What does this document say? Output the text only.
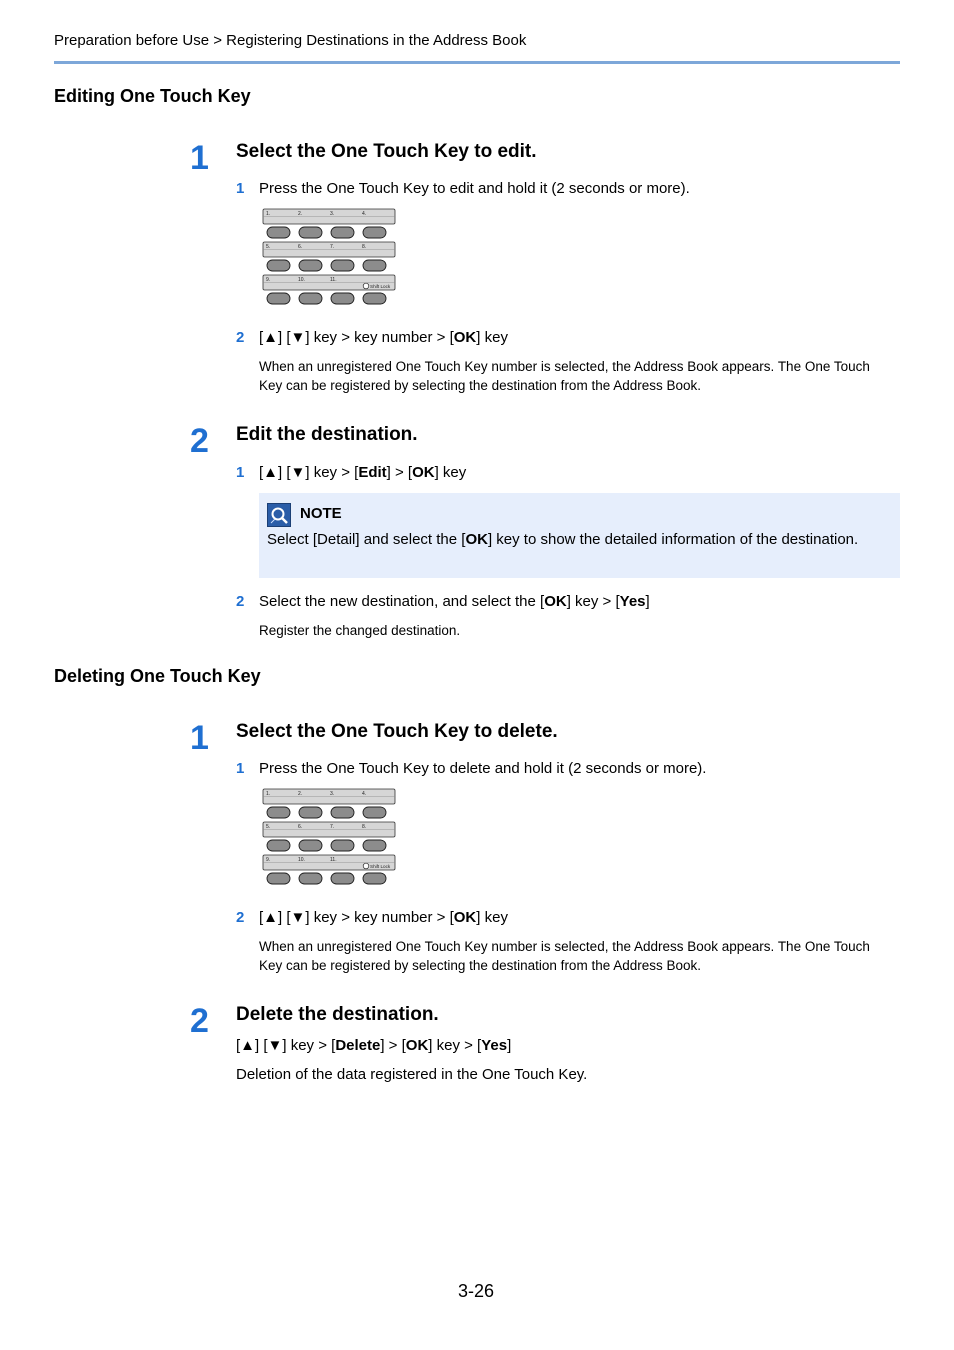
Preparation before Use > Registering Destinations in the Address Book
Editing One Touch Key
1 Select the One Touch Key to edit.
1 Press the One Touch Key to edit and hold it (2 seconds or more).
1.	2.	3.	4.
5.	6.	7.	8.
9.	10.	11.
Shift Lock
2 [▲] [▼] key > key number > [OK] key
When an unregistered One Touch Key number is selected, the Address Book appears. The One Touch Key can be registered by selecting the destination from the Address Book.
2 Edit the destination.
1 [▲] [▼] key > [Edit] > [OK] key
NOTE
Select [Detail] and select the [OK] key to show the detailed information of the destination.
2 Select the new destination, and select the [OK] key > [Yes]
Register the changed destination.
Deleting One Touch Key
1 Select the One Touch Key to delete.
1 Press the One Touch Key to delete and hold it (2 seconds or more).
1.	2.	3.	4.
5.	6.	7.	8.
9.	10.	11.
Shift Lock
2 [▲] [▼] key > key number > [OK] key
When an unregistered One Touch Key number is selected, the Address Book appears. The One Touch Key can be registered by selecting the destination from the Address Book.
2 Delete the destination.
[▲] [▼] key > [Delete] > [OK] key > [Yes]
Deletion of the data registered in the One Touch Key.
3-26
